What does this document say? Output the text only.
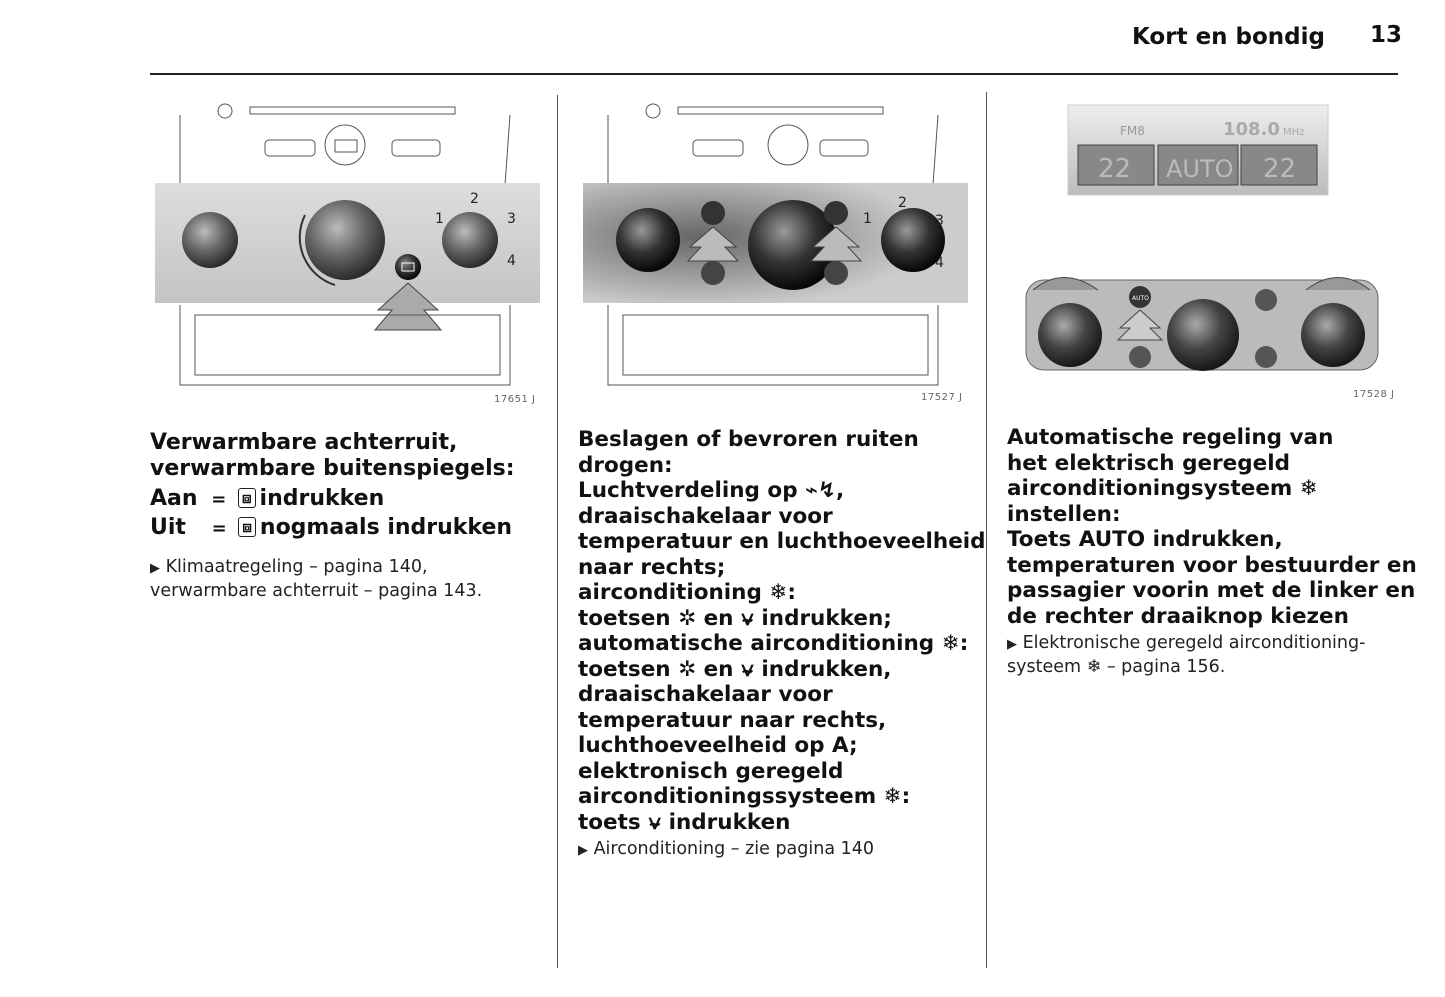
Kort en bondig 13
1
2
3
4
17651 J
1
2
3
4
17527 J
FM8	108.0 MHz
22 AUTO 22
AUTO
17528 J
Verwarmbare achterruit,
verwarmbare buitenspiegels:
Aan = ⧈ indrukken
Uit = ⧈ nogmaals indrukken
▶ Klimaatregeling – pagina 140,
verwarmbare achterruit – pagina 143.
Beslagen of bevroren ruiten
drogen:
Luchtverdeling op ⌁↯,
draaischakelaar voor
temperatuur en luchthoeveelheid
naar rechts;
airconditioning ❄:
toetsen ✲ en ⍱ indrukken;
automatische airconditioning ❄:
toetsen ✲ en ⍱ indrukken,
draaischakelaar voor
temperatuur naar rechts,
luchthoeveelheid op A;
elektronisch geregeld
airconditioningssysteem ❄:
toets ⍱ indrukken
▶ Airconditioning – zie pagina 140
Automatische regeling van
het elektrisch geregeld
airconditioningsysteem ❄
instellen:
Toets AUTO indrukken,
temperaturen voor bestuurder en
passagier voorin met de linker en
de rechter draaiknop kiezen
▶ Elektronische geregeld airconditioning-
systeem ❄ – pagina 156.
